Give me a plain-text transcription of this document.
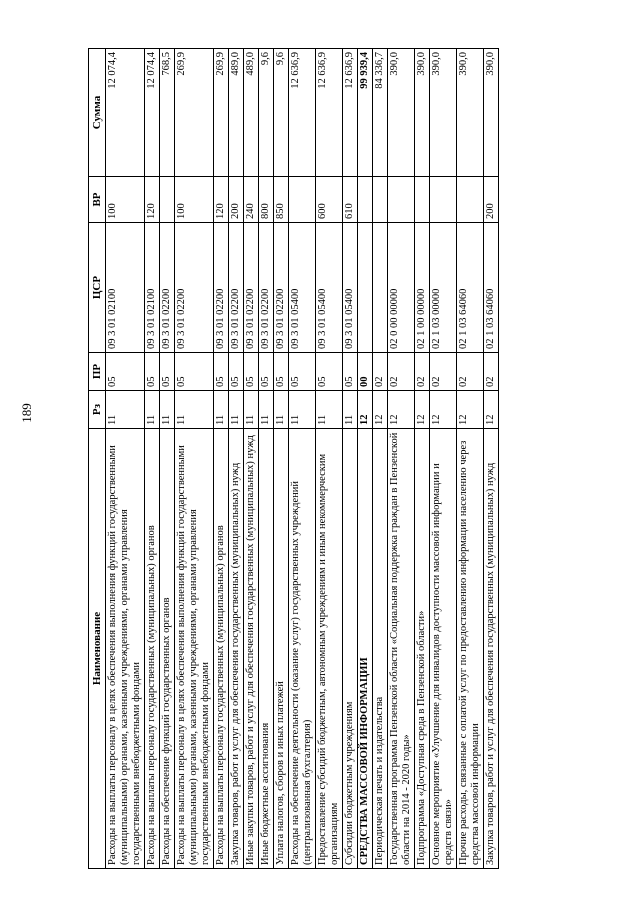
189
Наименование	Рз	ПР	ЦСР	ВР	Сумма
Расходы на выплаты персоналу в целях обеспечения выполнения функций государственными (муниципальными) органами, казенными учреждениями, органами управления государственными внебюджетными фондами	11	05	09 3 01 02100	100	12 074,4
Расходы на выплаты персоналу государственных (муниципальных) органов	11	05	09 3 01 02100	120	12 074,4
Расходы на обеспечение функций государственных органов	11	05	09 3 01 02200		768,5
Расходы на выплаты персоналу в целях обеспечения выполнения функций государственными (муниципальными) органами, казенными учреждениями, органами управления государственными внебюджетными фондами	11	05	09 3 01 02200	100	269,9
Расходы на выплаты персоналу государственных (муниципальных) органов	11	05	09 3 01 02200	120	269,9
Закупка товаров, работ и услуг для обеспечения государственных (муниципальных) нужд	11	05	09 3 01 02200	200	489,0
Иные закупки товаров, работ и услуг для обеспечения государственных (муниципальных) нужд	11	05	09 3 01 02200	240	489,0
Иные бюджетные ассигнования	11	05	09 3 01 02200	800	9,6
Уплата налогов, сборов и иных платежей	11	05	09 3 01 02200	850	9,6
Расходы на обеспечение деятельности (оказание услуг) государственных учреждений (централизованная бухгалтерия)	11	05	09 3 01 05400		12 636,9
Предоставление субсидий бюджетным, автономным учреждениям и иным некоммерческим организациям	11	05	09 3 01 05400	600	12 636,9
Субсидии бюджетным учреждениям	11	05	09 3 01 05400	610	12 636,9
СРЕДСТВА МАССОВОЙ ИНФОРМАЦИИ	12	00			99 939,4
Периодическая печать и издательства	12	02			84 336,7
Государственная программа Пензенской области «Социальная поддержка граждан в Пензенской области на 2014 - 2020 годы»	12	02	02 0 00 00000		390,0
Подпрограмма «Доступная среда в Пензенской области»	12	02	02 1 00 00000		390,0
Основное мероприятие «Улучшение для инвалидов доступности массовой информации и средств связи»	12	02	02 1 03 00000		390,0
Прочие расходы, связанные с оплатой услуг по предоставлению информации населению через средства массовой информации	12	02	02 1 03 64060		390,0
Закупка товаров, работ и услуг для обеспечения государственных (муниципальных) нужд	12	02	02 1 03 64060	200	390,0
